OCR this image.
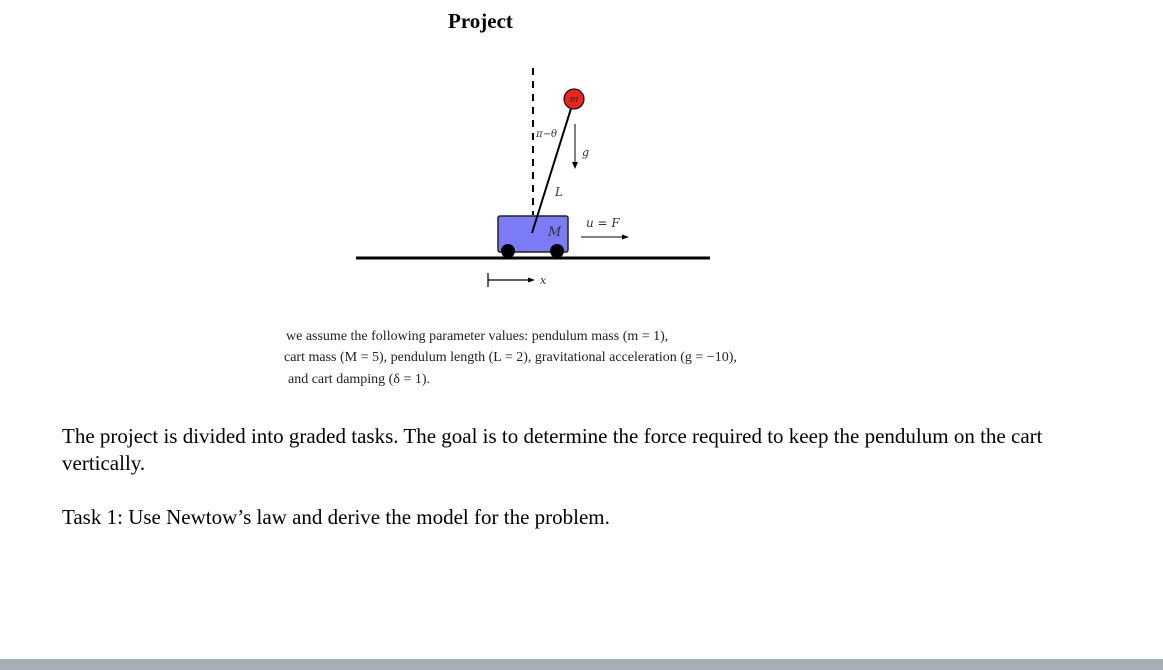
Project
m
g
π−θ
L
M
u = F
x
we assume the following parameter values: pendulum mass (m = 1),
cart mass (M = 5), pendulum length (L = 2), gravitational acceleration (g = −10),
and cart damping (δ = 1).

The project is divided into graded tasks. The goal is to determine the force required to keep the pendulum on the cart vertically.

Task 1: Use Newtow’s law and derive the model for the problem.
